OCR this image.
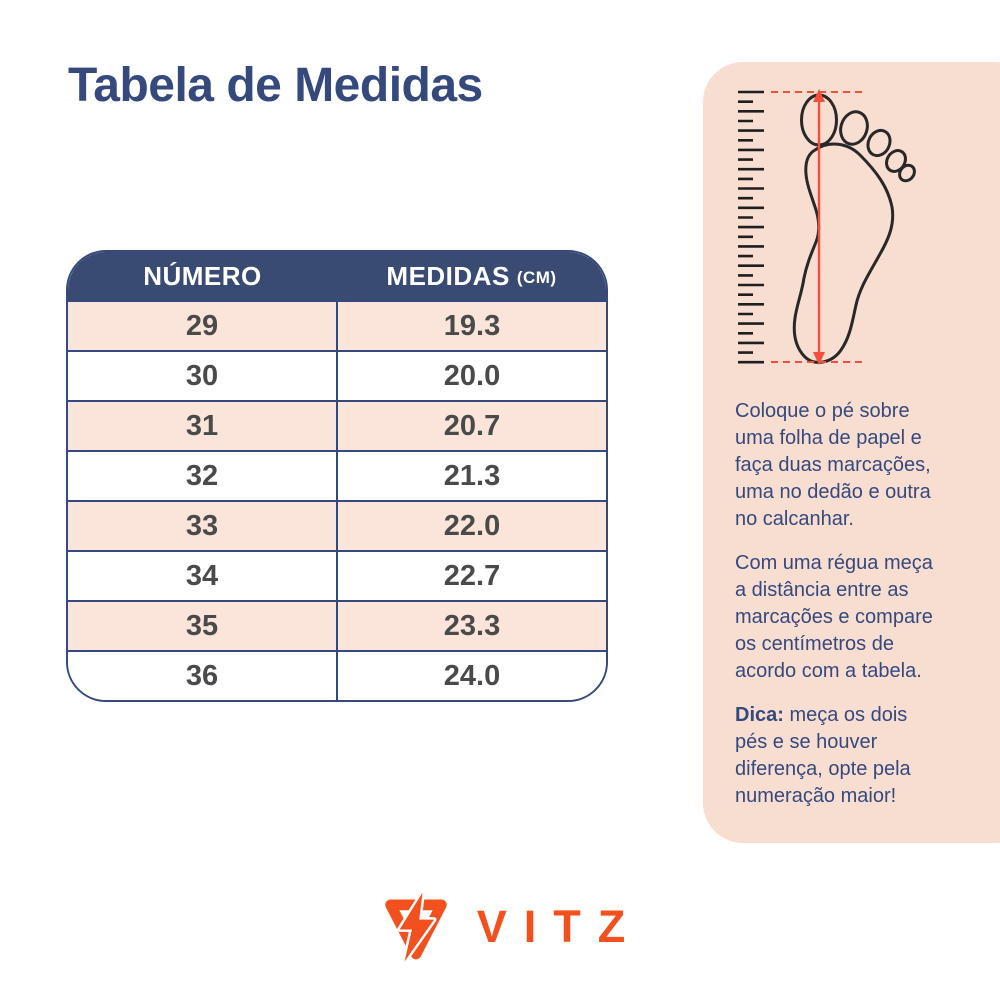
Tabela de Medidas
NÚMERO	MEDIDAS (CM)
29	19.3
30	20.0
31	20.7
32	21.3
33	22.0
34	22.7
35	23.3
36	24.0

Coloque o pé sobre uma folha de papel e faça duas marcações, uma no dedão e outra no calcanhar.

Com uma régua meça a distância entre as marcações e compare os centímetros de acordo com a tabela.

Dica: meça os dois pés e se houver diferença, opte pela numeração maior!

VITZ
